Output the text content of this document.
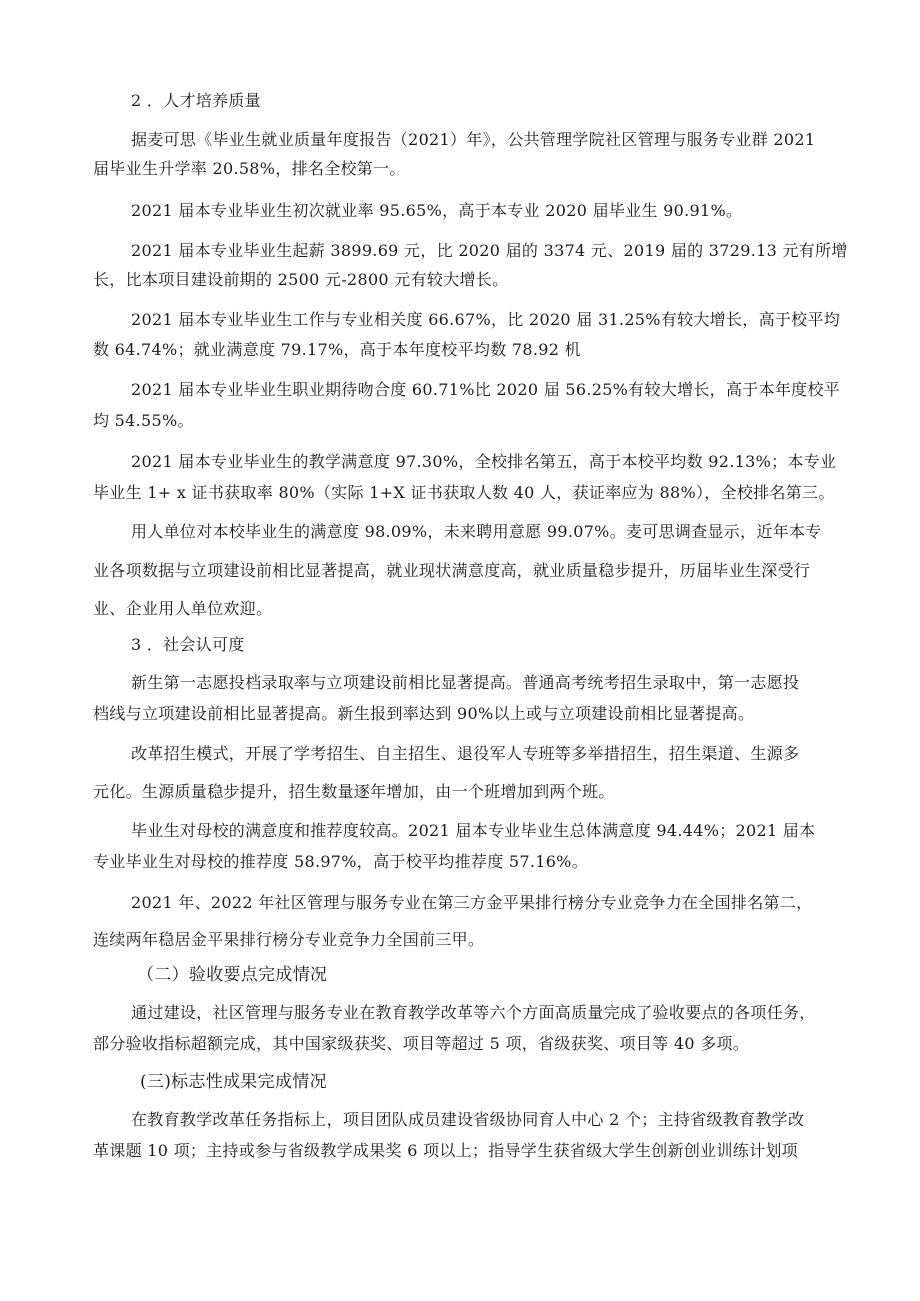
2 ．人才培养质量
据麦可思《毕业生就业质量年度报告（2021）年》，公共管理学院社区管理与服务专业群 2021
届毕业生升学率 20.58%，排名全校第一。
2021 届本专业毕业生初次就业率 95.65%，高于本专业 2020 届毕业生 90.91%。
2021 届本专业毕业生起薪 3899.69 元，比 2020 届的 3374 元、2019 届的 3729.13 元有所增
长，比本项目建设前期的 2500 元-2800 元有较大增长。
2021 届本专业毕业生工作与专业相关度 66.67%，比 2020 届 31.25%有较大增长，高于校平均
数 64.74%；就业满意度 79.17%，高于本年度校平均数 78.92 机
2021 届本专业毕业生职业期待吻合度 60.71%比 2020 届 56.25%有较大增长，高于本年度校平
均 54.55%。
2021 届本专业毕业生的教学满意度 97.30%，全校排名第五，高于本校平均数 92.13%；本专业
毕业生 1+ x 证书获取率 80%（实际 1+X 证书获取人数 40 人，获证率应为 88%），全校排名第三。
用人单位对本校毕业生的满意度 98.09%，未来聘用意愿 99.07%。麦可思调查显示，近年本专
业各项数据与立项建设前相比显著提高，就业现状满意度高，就业质量稳步提升，历届毕业生深受行
业、企业用人单位欢迎。
3 ．社会认可度
新生第一志愿投档录取率与立项建设前相比显著提高。普通高考统考招生录取中，第一志愿投
档线与立项建设前相比显著提高。新生报到率达到 90%以上或与立项建设前相比显著提高。
改革招生模式，开展了学考招生、自主招生、退役军人专班等多举措招生，招生渠道、生源多
元化。生源质量稳步提升，招生数量逐年增加，由一个班增加到两个班。
毕业生对母校的满意度和推荐度较高。2021 届本专业毕业生总体满意度 94.44%；2021 届本
专业毕业生对母校的推荐度 58.97%，高于校平均推荐度 57.16%。
2021 年、2022 年社区管理与服务专业在第三方金平果排行榜分专业竞争力在全国排名第二，
连续两年稳居金平果排行榜分专业竞争力全国前三甲。
（二）验收要点完成情况
通过建设，社区管理与服务专业在教育教学改革等六个方面高质量完成了验收要点的各项任务，
部分验收指标超额完成，其中国家级获奖、项目等超过 5 项，省级获奖、项目等 40 多项。
(三)标志性成果完成情况
在教育教学改革任务指标上，项目团队成员建设省级协同育人中心 2 个；主持省级教育教学改
革课题 10 项；主持或参与省级教学成果奖 6 项以上；指导学生获省级大学生创新创业训练计划项
